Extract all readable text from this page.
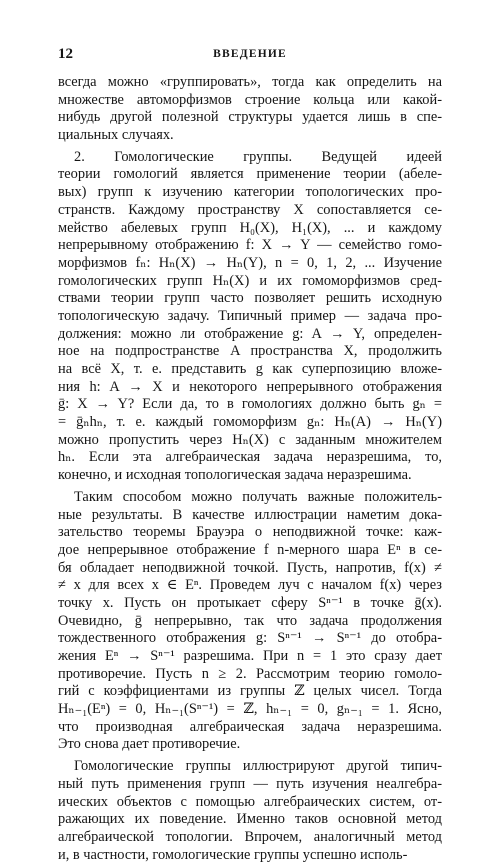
12	ВВЕДЕНИЕ
всегда можно «группировать», тогда как определить на
множестве автоморфизмов строение кольца или какой-
нибудь другой полезной структуры удается лишь в спе-
циальных случаях.
2. Гомологические группы. Ведущей идеей
теории гомологий является применение теории (абеле-
вых) групп к изучению категории топологических про-
странств. Каждому пространству X сопоставляется се-
мейство абелевых групп H₀(X), H₁(X), ... и каждому
непрерывному отображению f: X → Y — семейство гомо-
морфизмов fₙ: Hₙ(X) → Hₙ(Y), n = 0, 1, 2, ... Изучение
гомологических групп Hₙ(X) и их гомоморфизмов сред-
ствами теории групп часто позволяет решить исходную
топологическую задачу. Типичный пример — задача про-
должения: можно ли отображение g: A → Y, определен-
ное на подпространстве A пространства X, продолжить
на всё X, т. е. представить g как суперпозицию вложе-
ния h: A → X и некоторого непрерывного отображения
ḡ: X → Y? Если да, то в гомологиях должно быть gₙ =
= ḡₙhₙ, т. е. каждый гомоморфизм gₙ: Hₙ(A) → Hₙ(Y)
можно пропустить через Hₙ(X) с заданным множителем
hₙ. Если эта алгебраическая задача неразрешима, то,
конечно, и исходная топологическая задача неразрешима.
Таким способом можно получать важные положитель-
ные результаты. В качестве иллюстрации наметим дока-
зательство теоремы Брауэра о неподвижной точке: каж-
дое непрерывное отображение f n-мерного шара Eⁿ в се-
бя обладает неподвижной точкой. Пусть, напротив, f(x) ≠
≠ x для всех x ∈ Eⁿ. Проведем луч с началом f(x) через
точку x. Пусть он протыкает сферу Sⁿ⁻¹ в точке ḡ(x).
Очевидно, ḡ непрерывно, так что задача продолжения
тождественного отображения g: Sⁿ⁻¹ → Sⁿ⁻¹ до отобра-
жения Eⁿ → Sⁿ⁻¹ разрешима. При n = 1 это сразу дает
противоречие. Пусть n ≥ 2. Рассмотрим теорию гомоло-
гий с коэффициентами из группы ℤ целых чисел. Тогда
Hₙ₋₁(Eⁿ) = 0, Hₙ₋₁(Sⁿ⁻¹) = ℤ, hₙ₋₁ = 0, gₙ₋₁ = 1. Ясно,
что производная алгебраическая задача неразрешима.
Это снова дает противоречие.
Гомологические группы иллюстрируют другой типич-
ный путь применения групп — путь изучения неалгебра-
ических объектов с помощью алгебраических систем, от-
ражающих их поведение. Именно таков основной метод
алгебраической топологии. Впрочем, аналогичный метод
и, в частности, гомологические группы успешно исполь-
